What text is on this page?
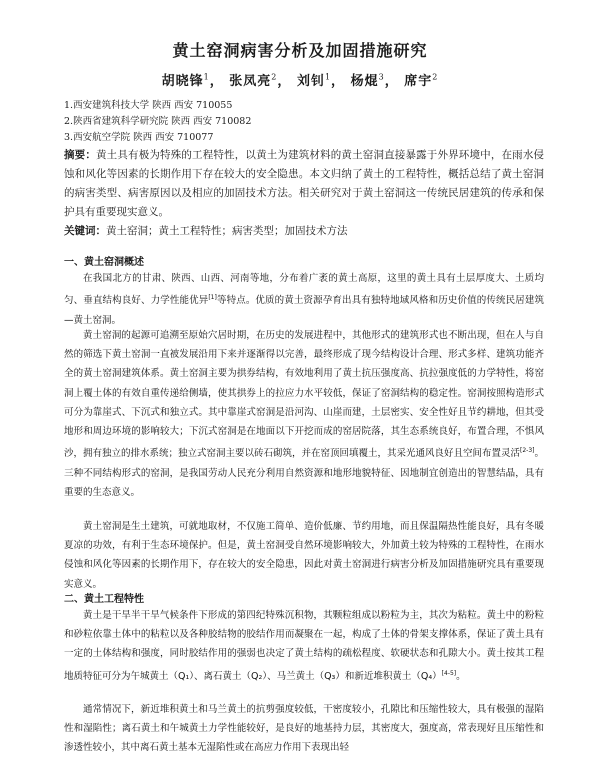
黄土窑洞病害分析及加固措施研究
胡晓锋$^1$， 张凤亮$^2$， 刘钊$^1$， 杨焜$^3$， 席宇$^2$
1.西安建筑科技大学 陕西 西安 710055
2.陕西省建筑科学研究院 陕西 西安 710082
3.西安航空学院 陕西 西安 710077

摘要：黄土具有极为特殊的工程特性，以黄土为建筑材料的黄土窑洞直接暴露于外界环境中，在雨水侵蚀和风化等因素的长期作用下存在较大的安全隐患。本文归纳了黄土的工程特性，概括总结了黄土窑洞的病害类型、病害原因以及相应的加固技术方法。相关研究对于黄土窑洞这一传统民居建筑的传承和保护具有重要现实意义。

关键词：黄土窑洞；黄土工程特性；病害类型；加固技术方法

一、黄土窑洞概述

在我国北方的甘肃、陕西、山西、河南等地，分布着广袤的黄土高原，这里的黄土具有土层厚度大、土质均匀、垂直结构良好、力学性能优异[1]等特点。优质的黄土资源孕育出具有独特地域风格和历史价值的传统民居建筑—黄土窑洞。

黄土窑洞的起源可追溯至原始穴居时期，在历史的发展进程中，其他形式的建筑形式也不断出现，但在人与自然的筛选下黄土窑洞一直被发展沿用下来并逐渐得以完善，最终形成了现今结构设计合理、形式多样、建筑功能齐全的黄土窑洞建筑体系。黄土窑洞主要为拱券结构，有效地利用了黄土抗压强度高、抗拉强度低的力学特性，将窑洞上覆土体的有效自重传递给侧墙，使其拱券上的拉应力水平较低，保证了窑洞结构的稳定性。窑洞按照构造形式可分为靠崖式、下沉式和独立式。其中靠崖式窑洞是沿河沟、山崖而建，土层密实、安全性好且节约耕地，但其受地形和周边环境的影响较大；下沉式窑洞是在地面以下开挖而成的窑居院落，其生态系统良好，布置合理，不惧风沙，拥有独立的排水系统；独立式窑洞主要以砖石砌筑，并在窑顶回填覆土，其采光通风良好且空间布置灵活[2-3]。三种不同结构形式的窑洞，是我国劳动人民充分利用自然资源和地形地貌特征、因地制宜创造出的智慧结晶，具有重要的生态意义。

黄土窑洞是生土建筑，可就地取材，不仅施工简单、造价低廉、节约用地，而且保温隔热性能良好，具有冬暖夏凉的功效，有利于生态环境保护。但是，黄土窑洞受自然环境影响较大，外加黄土较为特殊的工程特性，在雨水侵蚀和风化等因素的长期作用下，存在较大的安全隐患，因此对黄土窑洞进行病害分析及加固措施研究具有重要现实意义。

二、黄土工程特性

黄土是干旱半干旱气候条件下形成的第四纪特殊沉积物，其颗粒组成以粉粒为主，其次为粘粒。黄土中的粉粒和砂粒依靠土体中的粘粒以及各种胶结物的胶结作用而凝聚在一起，构成了土体的骨架支撑体系，保证了黄土具有一定的土体结构和强度，同时胶结作用的强弱也决定了黄土结构的疏松程度、软硬状态和孔隙大小。黄土按其工程地质特征可分为午城黄土（Q₁）、离石黄土（Q₂）、马兰黄土（Q₃）和新近堆积黄土（Q₄）[4-5]。

通常情况下，新近堆积黄土和马兰黄土的抗剪强度较低，干密度较小，孔隙比和压缩性较大，具有极强的湿陷性和湿陷性；离石黄土和午城黄土力学性能较好，是良好的地基持力层，其密度大，强度高，常表现好且压缩性和渗透性较小，其中离石黄土基本无湿陷性或在高应力作用下表现出轻
